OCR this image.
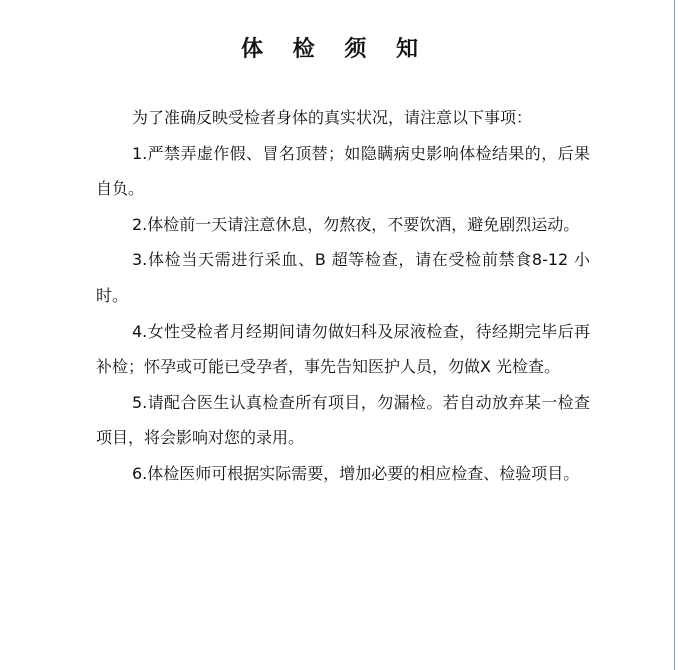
体 检 须 知

为了准确反映受检者身体的真实状况，请注意以下事项：

1.严禁弄虚作假、冒名顶替；如隐瞒病史影响体检结果的，后果自负。

2.体检前一天请注意休息，勿熬夜，不要饮酒，避免剧烈运动。

3.体检当天需进行采血、B 超等检查，请在受检前禁食8-12 小时。

4.女性受检者月经期间请勿做妇科及尿液检查，待经期完毕后再补检；怀孕或可能已受孕者，事先告知医护人员，勿做X 光检查。

5.请配合医生认真检查所有项目，勿漏检。若自动放弃某一检查项目，将会影响对您的录用。

6.体检医师可根据实际需要，增加必要的相应检查、检验项目。
